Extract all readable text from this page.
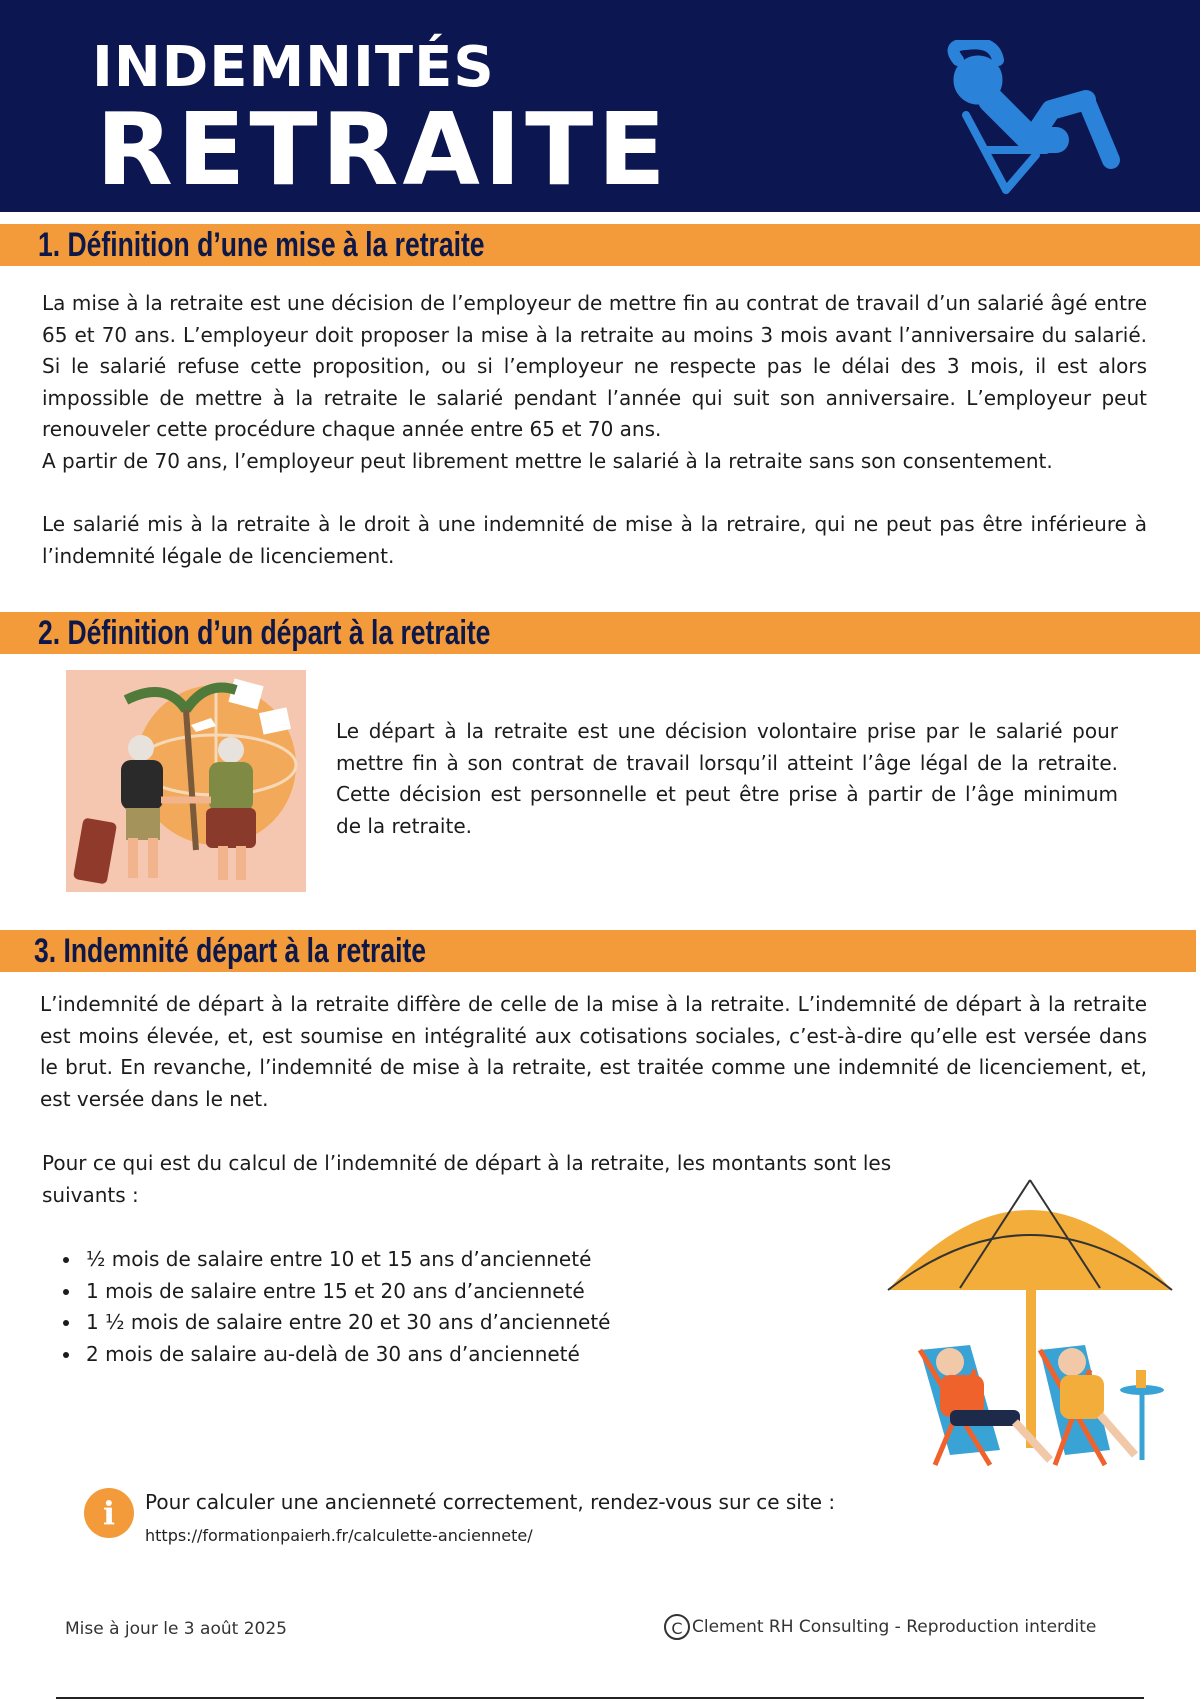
INDEMNITÉS
RETRAITE
1. Définition d’une mise à la retraite

La mise à la retraite est une décision de l’employeur de mettre fin au contrat de travail d’un salarié âgé entre 65 et 70 ans. L’employeur doit proposer la mise à la retraite au moins 3 mois avant l’anniversaire du salarié. Si le salarié refuse cette proposition, ou si l’employeur ne respecte pas le délai des 3 mois, il est alors impossible de mettre à la retraite le salarié pendant l’année qui suit son anniversaire. L’employeur peut renouveler cette procédure chaque année entre 65 et 70 ans.

A partir de 70 ans, l’employeur peut librement mettre le salarié à la retraite sans son consentement.

Le salarié mis à la retraite à le droit à une indemnité de mise à la retraire, qui ne peut pas être inférieure à l’indemnité légale de licenciement.

2. Définition d’un départ à la retraite

Le départ à la retraite est une décision volontaire prise par le salarié pour mettre fin à son contrat de travail lorsqu’il atteint l’âge légal de la retraite. Cette décision est personnelle et peut être prise à partir de l’âge minimum de la retraite.

3. Indemnité départ à la retraite

L’indemnité de départ à la retraite diffère de celle de la mise à la retraite. L’indemnité de départ à la retraite est moins élevée, et, est soumise en intégralité aux cotisations sociales, c’est-à-dire qu’elle est versée dans le brut. En revanche, l’indemnité de mise à la retraite, est traitée comme une indemnité de licenciement, et, est versée dans le net.

Pour ce qui est du calcul de l’indemnité de départ à la retraite, les montants sont les suivants :

• ½ mois de salaire entre 10 et 15 ans d’ancienneté
• 1 mois de salaire entre 15 et 20 ans d’ancienneté
• 1 ½ mois de salaire entre 20 et 30 ans d’ancienneté
• 2 mois de salaire au-delà de 30 ans d’ancienneté
i	Pour calculer une ancienneté correctement, rendez-vous sur ce site :
https://formationpaierh.fr/calculette-anciennete/
Mise à jour le 3 août 2025	C Clement RH Consulting - Reproduction interdite
